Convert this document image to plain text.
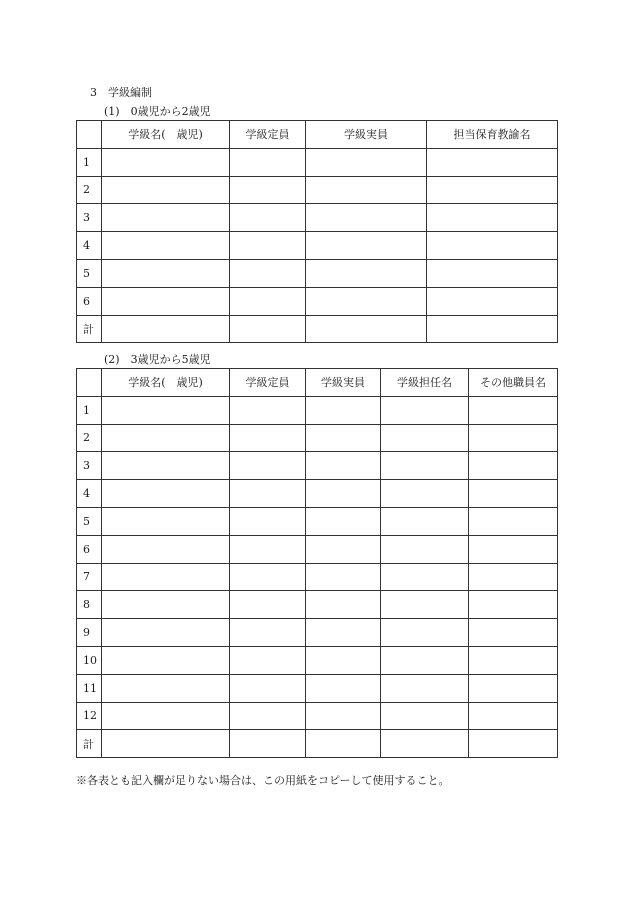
3　学級編制
(1)　0歳児から2歳児
	学級名(　歳児)	学級定員	学級実員	担当保育教諭名
1				
2				
3				
4				
5				
6				
計				
(2)　3歳児から5歳児
	学級名(　歳児)	学級定員	学級実員	学級担任名	その他職員名
1					
2					
3					
4					
5					
6					
7					
8					
9					
10					
11					
12					
計					
※各表とも記入欄が足りない場合は、この用紙をコピーして使用すること。
